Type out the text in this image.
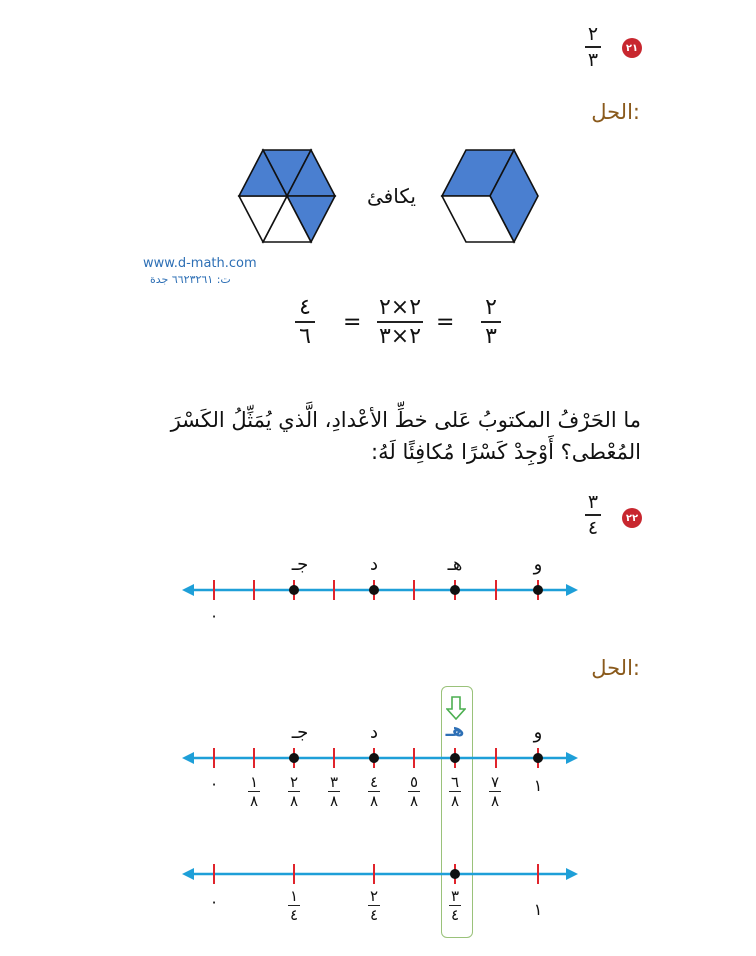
٢١
٢
٣
الحل:
يكافئ
www.d-math.com
ت: ٦٦٢٣٢٦١ جدة
٤
٦
=
٢×٢
٢×٣
=
٢
٣
ما الحَرْفُ المكتوبُ عَلى خطِّ الأعْدادِ، الَّذي يُمَثِّلُ الكَسْرَ
المُعْطى؟ أَوْجِدْ كَسْرًا مُكافِئًا لَهُ:
٢٢
٣
٤
جـ	د	هـ	و
٠
الحل:
جـ	د	هـ	و
٠	١
٨
٢
٨
٣
٨
٤
٨
٥
٨
٦
٨
٧
٨
١
٠	١
٤
٢
٤
٣
٤	١
